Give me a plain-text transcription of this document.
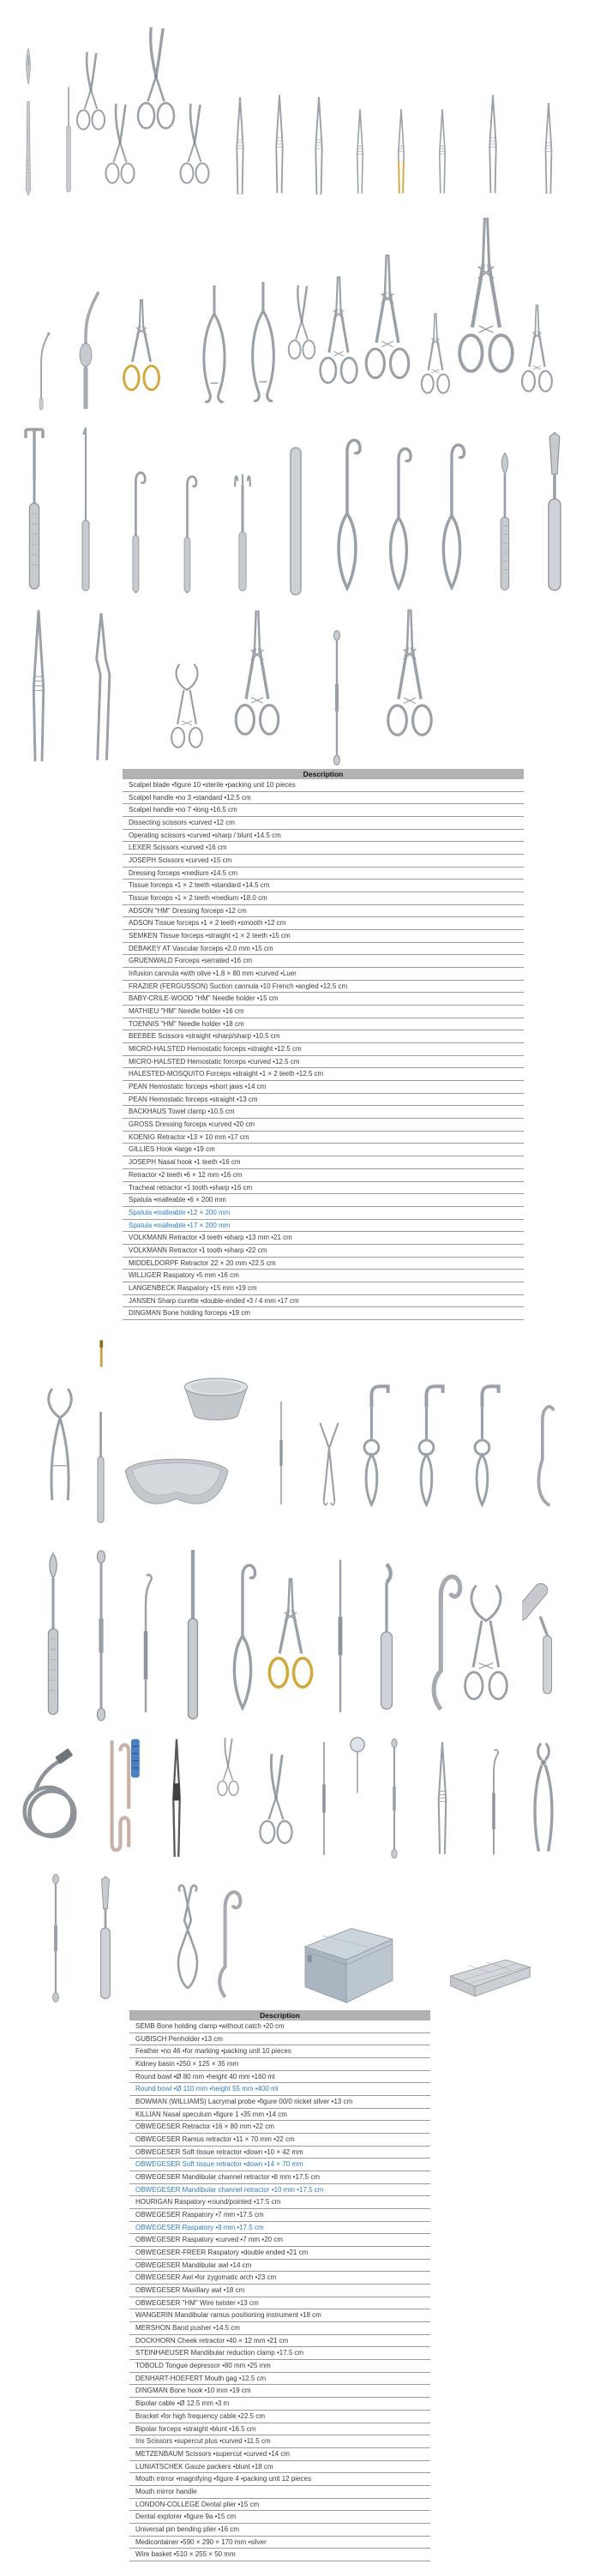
Description
Scalpel blade •figure 10 •sterile •packing unit 10 pieces
Scalpel handle •no 3 •standard •12.5 cm
Scalpel handle •no 7 •long •16.5 cm
Dissecting scissors •curved •12 cm
Operating scissors •curved •sharp / blunt •14.5 cm
LEXER Scissors •curved •16 cm
JOSEPH Scissors •curved •15 cm
Dressing forceps •medium •14.5 cm
Tissue forceps •1 × 2 teeth •standard •14.5 cm
Tissue forceps •1 × 2 teeth •medium •18.0 cm
ADSON "HM" Dressing forceps •12 cm
ADSON Tissue forceps •1 × 2 teeth •smooth •12 cm
SEMKEN Tissue forceps •straight •1 × 2 teeth •15 cm
DEBAKEY AT Vascular forceps •2.0 mm •15 cm
GRUENWALD Forceps •serrated •16 cm
Infusion cannula •with olive •1.8 × 80 mm •curved •Luer
FRAZIER (FERGUSSON) Suction cannula •10 French •angled •12.5 cm
BABY-CRILE-WOOD "HM" Needle holder •15 cm
MATHIEU "HM" Needle holder •16 cm
TOENNIS "HM" Needle holder •18 cm
BEEBEE Scissors •straight •sharp/sharp •10.5 cm
MICRO-HALSTED Hemostatic forceps •straight •12.5 cm
MICRO-HALSTED Hemostatic forceps •curved •12.5 cm
HALESTED-MOSQUITO Forceps •straight •1 × 2 teeth •12.5 cm
PEAN Hemostatic forceps •short jaws •14 cm
PEAN Hemostatic forceps •straight •13 cm
BACKHAUS Towel clamp •10.5 cm
GROSS Dressing forceps •curved •20 cm
KOENIG Retractor •13 × 10 mm •17 cm
GILLIES Hook •large •19 cm
JOSEPH Nasal hook •1 teeth •16 cm
Retractor •2 teeth •6 × 12 mm •16 cm
Tracheal retractor •1 tooth •sharp •16 cm
Spatula •malleable •6 × 200 mm
Spatula •malleable •12 × 200 mm
Spatula •malleable •17 × 200 mm
VOLKMANN Retractor •3 teeth •sharp •13 mm •21 cm
VOLKMANN Retractor •1 tooth •sharp •22 cm
MIDDELDORPF Retractor 22 × 20 mm •22.5 cm
WILLIGER Raspatory •5 mm •16 cm
LANGENBECK Raspatory •15 mm •19 cm
JANSEN Sharp curette •double-ended •3 / 4 mm •17 cm
DINGMAN Bone holding forceps •19 cm
Description
SEMB Bone holding clamp •without catch •20 cm
GUBISCH Penholder •13 cm
Feather •no 46 •for marking •packing unit 10 pieces
Kidney basin •250 × 125 × 35 mm
Round bowl •Ø 80 mm •height 40 mm •160 ml
Round bowl •Ø 110 mm •height 55 mm •400 ml
BOWMAN (WILLIAMS) Lacrymal probe •figure 00/0 nickel silver •13 cm
KILLIAN Nasal speculum •figure 1 •35 mm •14 cm
OBWEGESER Retractor •16 × 80 mm •22 cm
OBWEGESER Ramus retractor •11 × 70 mm •22 cm
OBWEGESER Soft tissue retractor •down •10 × 42 mm
OBWEGESER Soft tissue retractor •down •14 × 70 mm
OBWEGESER Mandibular channel retractor •8 mm •17.5 cm
OBWEGESER Mandibular channel retractor •10 mm •17.5 cm
HOURIGAN Raspatory •round/pointed •17.5 cm
OBWEGESER Raspatory •7 mm •17.5 cm
OBWEGESER Raspatory •9 mm •17.5 cm
OBWEGESER Raspatory •curved •7 mm •20 cm
OBWEGESER-FREER Raspatory •double ended •21 cm
OBWEGESER Mandibular awl •14 cm
OBWEGESER Awl •for zygomatic arch •23 cm
OBWEGESER Maxillary awl •18 cm
OBWEGESER "HM" Wire twister •13 cm
WANGERIN Mandibular ramus positioning instrument •18 cm
MERSHON Band pusher •14.5 cm
DOCKHORN Cheek retractor •40 × 12 mm •21 cm
STEINHAEUSER Mandibular reduction clamp •17.5 cm
TOBOLD Tongue depressor •80 mm •25 mm
DENHART-HOEFERT Mouth gag •12.5 cm
DINGMAN Bone hook •10 mm •19 cm
Bipolar cable •Ø 12.5 mm •3 m
Bracket •for high frequency cable •22.5 cm
Bipolar forceps •straight •blunt •16.5 cm
Iris Scissors •supercut plus •curved •11.5 cm
METZENBAUM Scissors •supercut •curved •14 cm
LUNIATSCHEK Gauze packers •blunt •18 cm
Mouth mirror •magnifying •figure 4 •packing unit 12 pieces
Mouth mirror handle
LONDON-COLLEGE Dental plier •15 cm
Dental explorer •figure 9a •15 cm
Universal pin bending plier •16 cm
Medicontainer •590 × 290 × 170 mm •silver
Wire basket •510 × 255 × 50 mm
